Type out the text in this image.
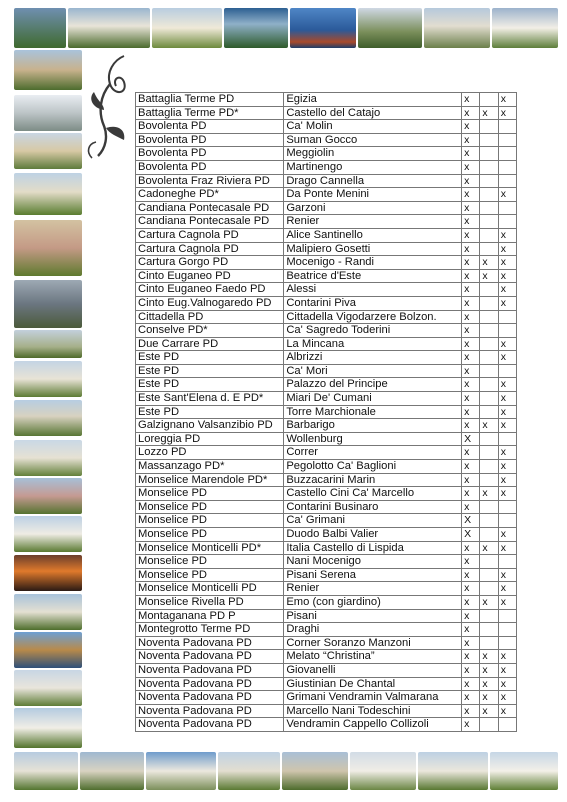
Battaglia Terme PD	Egizia	x		x
Battaglia Terme PD*	Castello del Catajo	x	x	x
Bovolenta PD	Ca' Molin	x		
Bovolenta PD	Suman Gocco	x		
Bovolenta PD	Meggiolin	x		
Bovolenta PD	Martinengo	x		
Bovolenta Fraz Riviera PD	Drago Cannella	x		
Cadoneghe PD*	Da Ponte Menini	x		x
Candiana Pontecasale PD	Garzoni	x		
Candiana Pontecasale PD	Renier	x		
Cartura Cagnola PD	Alice Santinello	x		x
Cartura Cagnola PD	Malipiero Gosetti	x		x
Cartura Gorgo PD	Mocenigo - Randi	x	x	x
Cinto Euganeo PD	Beatrice d'Este	x	x	x
Cinto Euganeo Faedo PD	Alessi	x		x
Cinto Eug.Valnogaredo PD	Contarini Piva	x		x
Cittadella PD	Cittadella Vigodarzere Bolzon.	x		
Conselve PD*	Ca' Sagredo Toderini	x		
Due Carrare PD	La Mincana	x		x
Este PD	Albrizzi	x		x
Este PD	Ca' Mori	x		
Este PD	Palazzo del Principe	x		x
Este Sant'Elena d. E PD*	Miari De' Cumani	x		x
Este PD	Torre Marchionale	x		x
Galzignano Valsanzibio PD	Barbarigo	x	x	x
Loreggia PD	Wollenburg	X		
Lozzo PD	Correr	x		x
Massanzago PD*	Pegolotto Ca' Baglioni	x		x
Monselice Marendole PD*	Buzzacarini Marin	x		x
Monselice PD	Castello Cini Ca' Marcello	x	x	x
Monselice PD	Contarini Businaro	x		
Monselice PD	Ca' Grimani	X		
Monselice PD	Duodo Balbi Valier	X		x
Monselice Monticelli PD*	Italia Castello di Lispida	x	x	x
Monselice PD	Nani Mocenigo	x		
Monselice PD	Pisani Serena	x		x
Monselice Monticelli PD	Renier	x		x
Monselice Rivella PD	Emo (con giardino)	x	x	x
Montaganana PD P	Pisani	x		
Montegrotto Terme PD	Draghi	x		
Noventa Padovana PD	Corner Soranzo Manzoni	x		
Noventa Padovana PD	Melato “Christina”	x	x	x
Noventa Padovana PD	Giovanelli	x	x	x
Noventa Padovana PD	Giustinian De Chantal	x	x	x
Noventa Padovana PD	Grimani Vendramin Valmarana	x	x	x
Noventa Padovana PD	Marcello Nani Todeschini	x	x	x
Noventa Padovana PD	Vendramin Cappello Collizoli	x		
